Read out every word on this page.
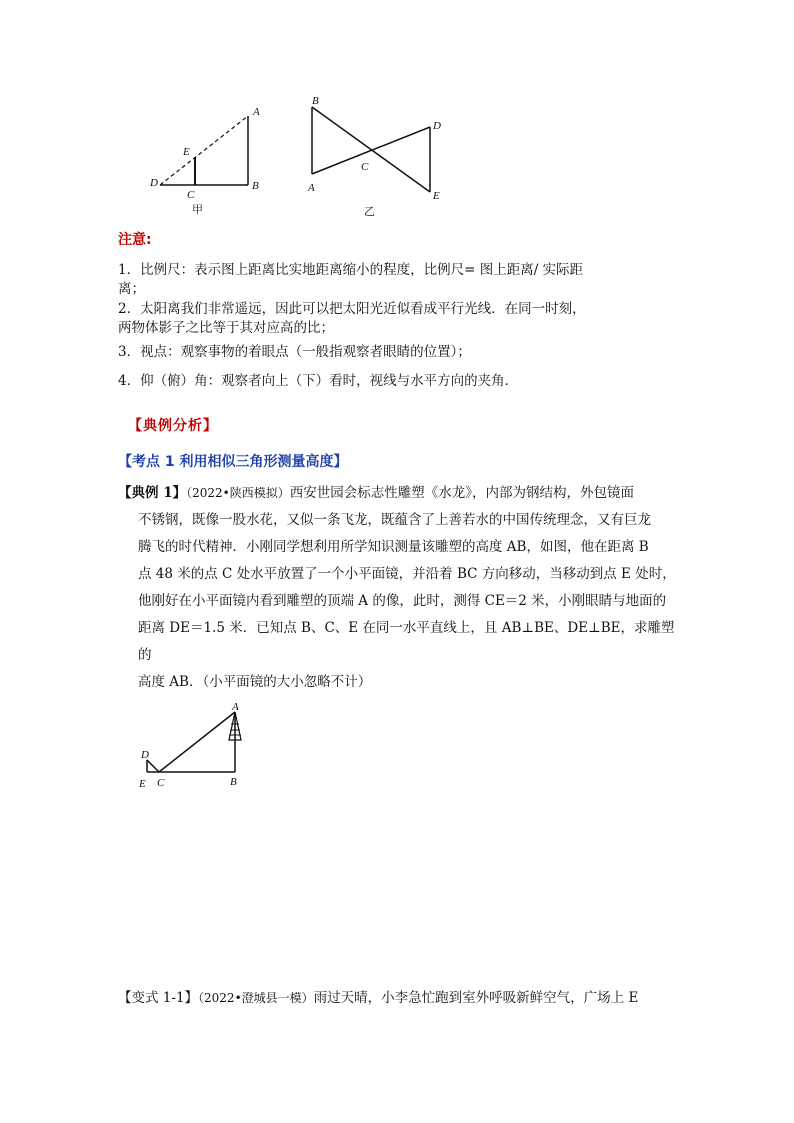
A
B
C
D
E
甲
B
A
C
D
E
乙
注意:
1．比例尺：表示图上距离比实地距离缩小的程度，比例尺= 图上距离/ 实际距
离；
2．太阳离我们非常遥远，因此可以把太阳光近似看成平行光线．在同一时刻，
两物体影子之比等于其对应高的比；
3．视点：观察事物的着眼点（一般指观察者眼睛的位置）；
4．仰（俯）角：观察者向上（下）看时，视线与水平方向的夹角．
【典例分析】
【考点 1 利用相似三角形测量高度】

【典例 1】（2022•陕西模拟）西安世园会标志性雕塑《水龙》，内部为钢结构，外包镜面

不锈钢，既像一股水花，又似一条飞龙，既蕴含了上善若水的中国传统理念，又有巨龙

腾飞的时代精神．小刚同学想利用所学知识测量该雕塑的高度 AB，如图，他在距离 B

点 48 米的点 C 处水平放置了一个小平面镜，并沿着 BC 方向移动，当移动到点 E 处时，

他刚好在小平面镜内看到雕塑的顶端 A 的像，此时，测得 CE＝2 米，小刚眼睛与地面的

距离 DE＝1.5 米．已知点 B、C、E 在同一水平直线上，且 AB⊥BE、DE⊥BE，求雕塑的

高度 AB．（小平面镜的大小忽略不计）

A
B
C
D
E

【变式 1-1】（2022•澄城县一模）雨过天晴，小李急忙跑到室外呼吸新鲜空气，广场上 E
